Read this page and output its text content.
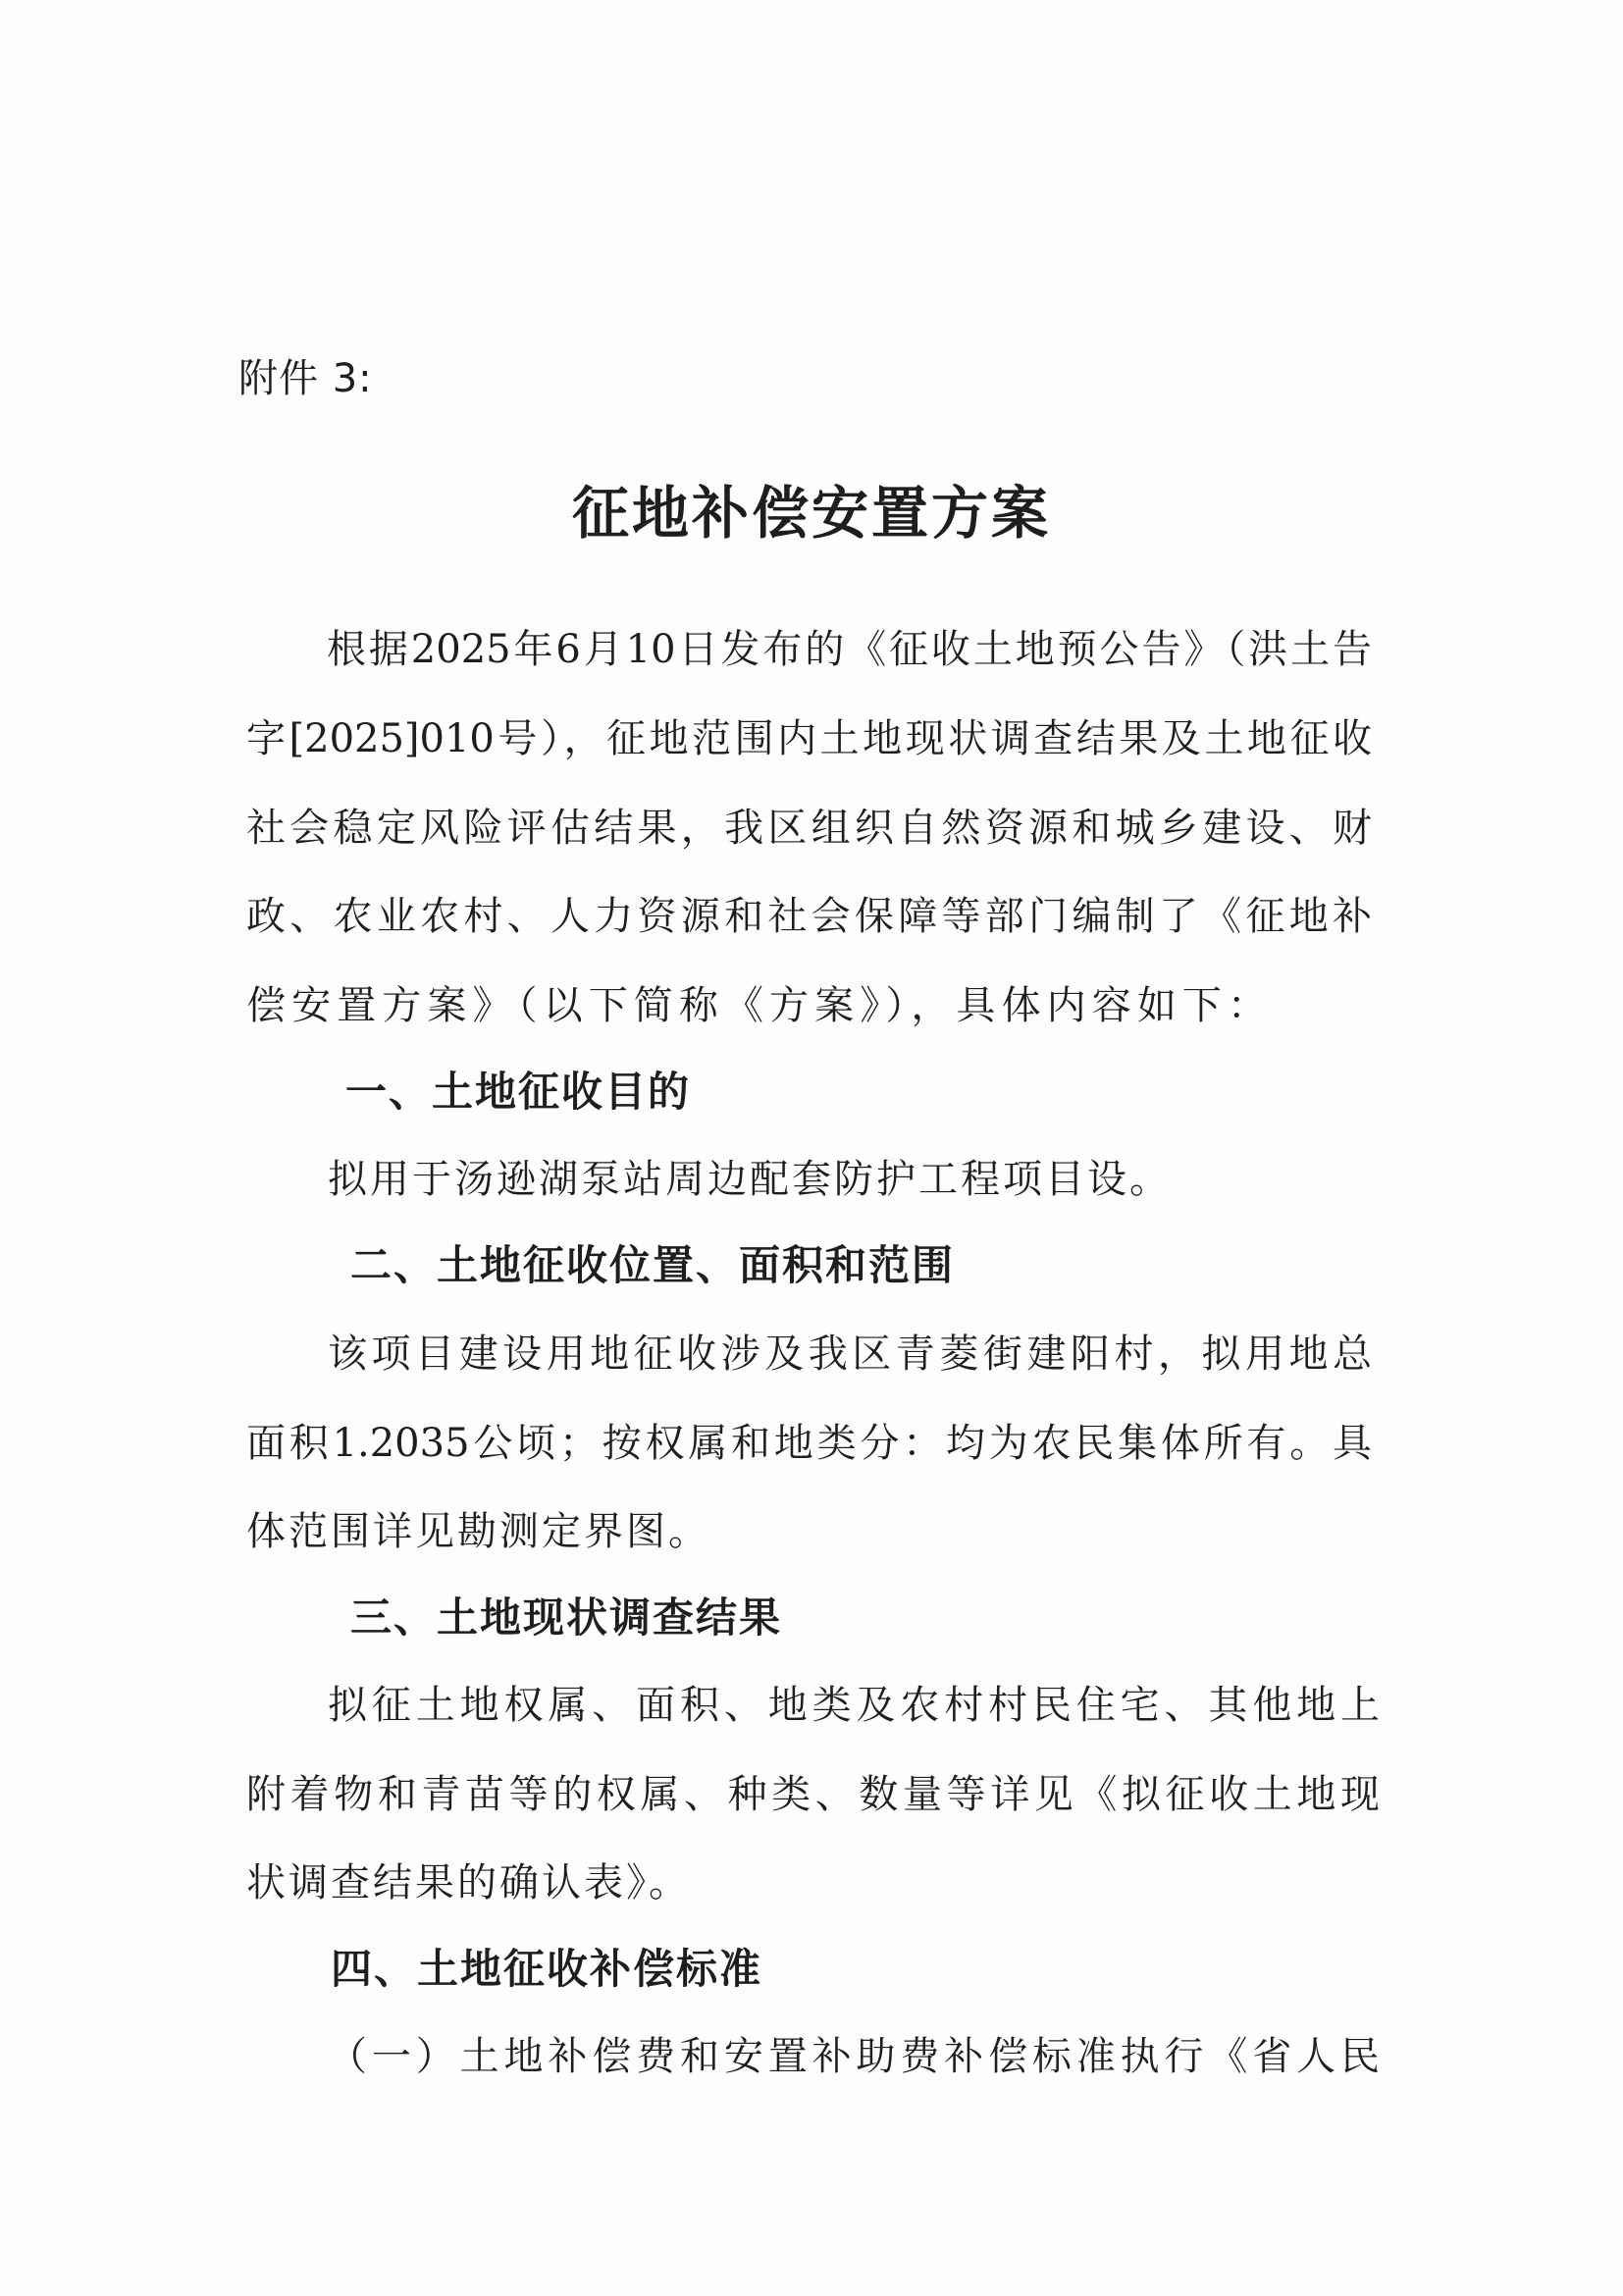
附件 3:
征地补偿安置方案
根据2025年6月10日发布的《征收土地预公告》（洪土告
字[2025]010号），征地范围内土地现状调查结果及土地征收
社会稳定风险评估结果，我区组织自然资源和城乡建设、财
政、农业农村、人力资源和社会保障等部门编制了《征地补
偿安置方案》（以下简称《方案》），具体内容如下：
一、土地征收目的
拟用于汤逊湖泵站周边配套防护工程项目设。
二、土地征收位置、面积和范围
该项目建设用地征收涉及我区青菱街建阳村，拟用地总
面积1.2035公顷；按权属和地类分：均为农民集体所有。具
体范围详见勘测定界图。
三、土地现状调查结果
拟征土地权属、面积、地类及农村村民住宅、其他地上
附着物和青苗等的权属、种类、数量等详见《拟征收土地现
状调查结果的确认表》。
四、土地征收补偿标准
（一）土地补偿费和安置补助费补偿标准执行《省人民
